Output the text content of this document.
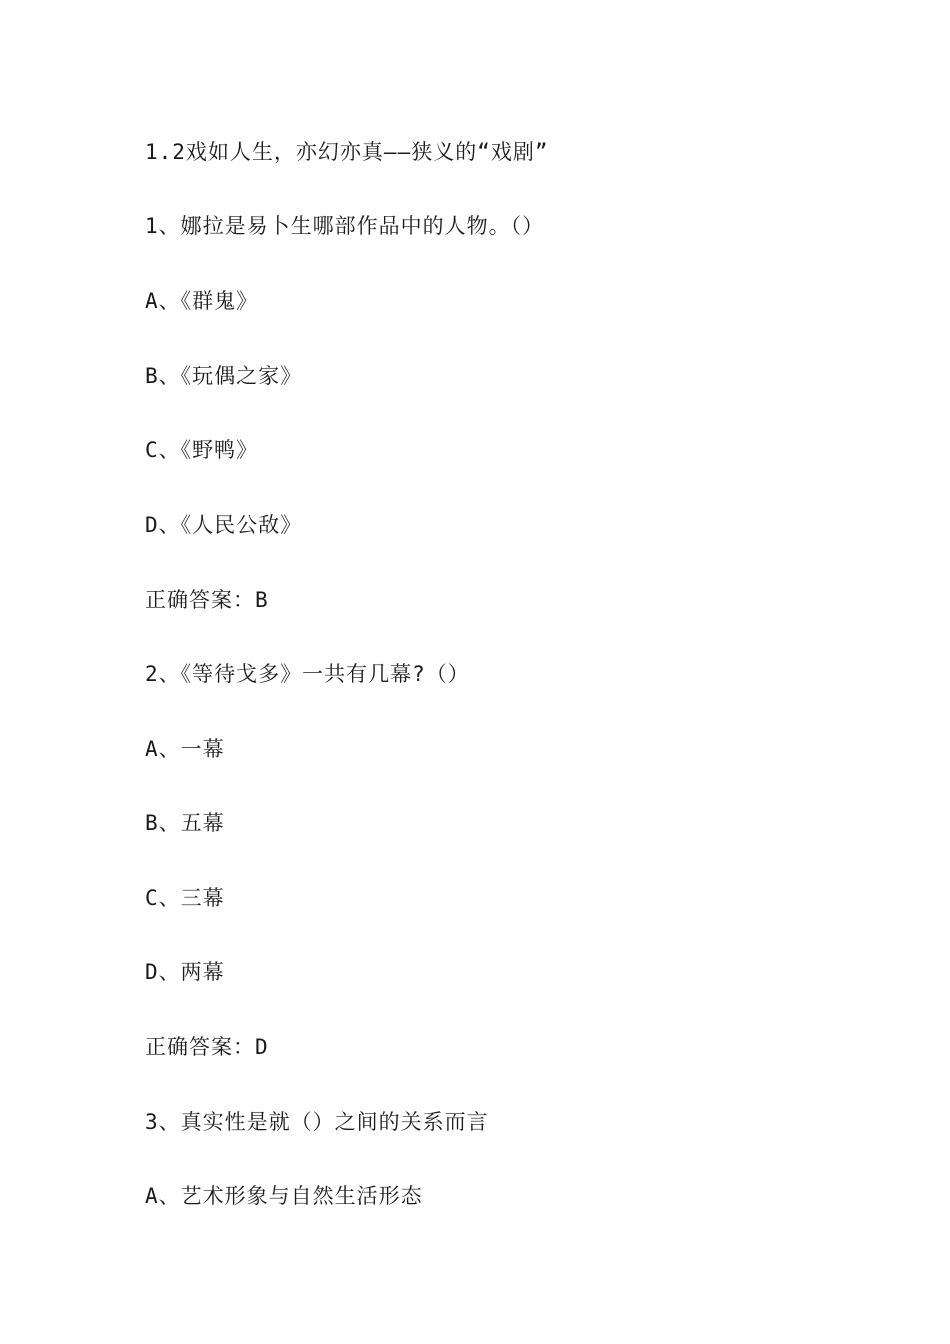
1.2戏如人生，亦幻亦真——狭义的“戏剧”
1、娜拉是易卜生哪部作品中的人物。（）
A、《群鬼》
B、《玩偶之家》
C、《野鸭》
D、《人民公敌》
正确答案：B
2、《等待戈多》一共有几幕?（）
A、一幕
B、五幕
C、三幕
D、两幕
正确答案：D
3、真实性是就（）之间的关系而言
A、艺术形象与自然生活形态
